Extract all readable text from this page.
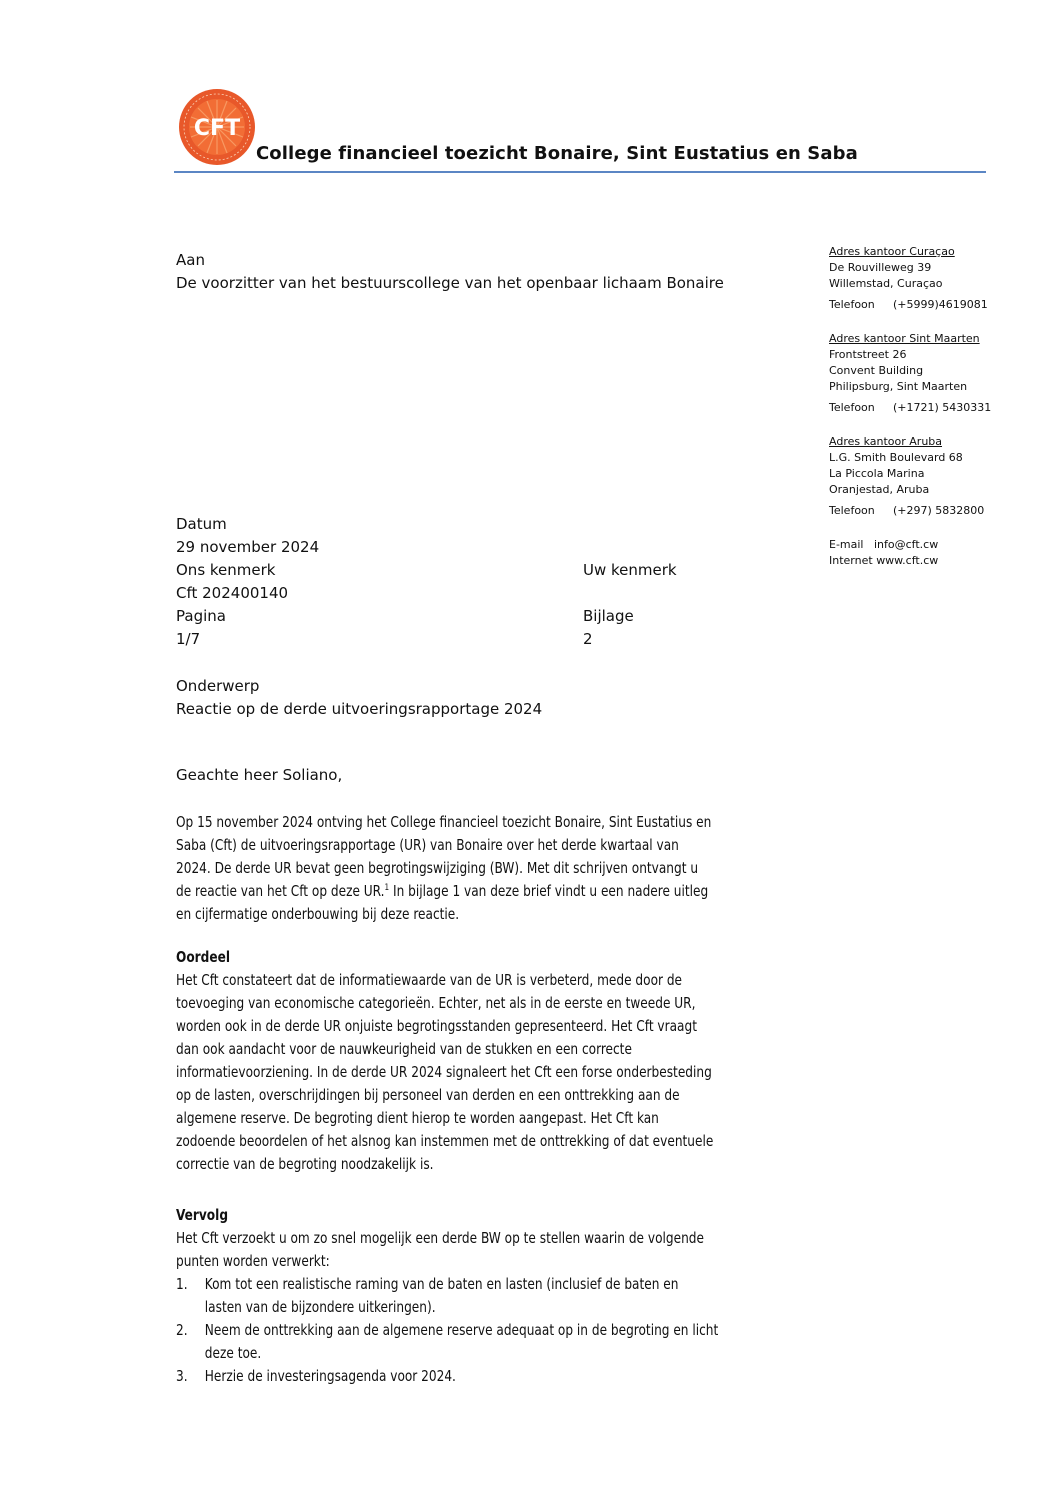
CFT
College financieel toezicht Bonaire, Sint Eustatius en Saba
Aan
De voorzitter van het bestuurscollege van het openbaar lichaam Bonaire
Adres kantoor Curaçao
De Rouvilleweg 39
Willemstad, Curaçao
Telefoon	(+5999)4619081
Adres kantoor Sint Maarten
Frontstreet 26
Convent Building
Philipsburg, Sint Maarten
Telefoon	(+1721) 5430331
Adres kantoor Aruba
L.G. Smith Boulevard 68
La Piccola Marina
Oranjestad, Aruba
Telefoon	(+297) 5832800
E-mail info@cft.cw
Internet www.cft.cw
Datum
29 november 2024
Ons kenmerk	Uw kenmerk
Cft 202400140
Pagina	Bijlage
1/7	2
Onderwerp
Reactie op de derde uitvoeringsrapportage 2024
Geachte heer Soliano,

Op 15 november 2024 ontving het College financieel toezicht Bonaire, Sint Eustatius en

Saba (Cft) de uitvoeringsrapportage (UR) van Bonaire over het derde kwartaal van

2024. De derde UR bevat geen begrotingswijziging (BW). Met dit schrijven ontvangt u

de reactie van het Cft op deze UR.$^1$ In bijlage 1 van deze brief vindt u een nadere uitleg

en cijfermatige onderbouwing bij deze reactie.

Oordeel

Het Cft constateert dat de informatiewaarde van de UR is verbeterd, mede door de

toevoeging van economische categorieën. Echter, net als in de eerste en tweede UR,

worden ook in de derde UR onjuiste begrotingsstanden gepresenteerd. Het Cft vraagt

dan ook aandacht voor de nauwkeurigheid van de stukken en een correcte

informatievoorziening. In de derde UR 2024 signaleert het Cft een forse onderbesteding

op de lasten, overschrijdingen bij personeel van derden en een onttrekking aan de

algemene reserve. De begroting dient hierop te worden aangepast. Het Cft kan

zodoende beoordelen of het alsnog kan instemmen met de onttrekking of dat eventuele

correctie van de begroting noodzakelijk is.

Vervolg

Het Cft verzoekt u om zo snel mogelijk een derde BW op te stellen waarin de volgende

punten worden verwerkt:

1.	Kom tot een realistische raming van de baten en lasten (inclusief de baten en

lasten van de bijzondere uitkeringen).

2.	Neem de onttrekking aan de algemene reserve adequaat op in de begroting en licht

deze toe.

3.	Herzie de investeringsagenda voor 2024.
